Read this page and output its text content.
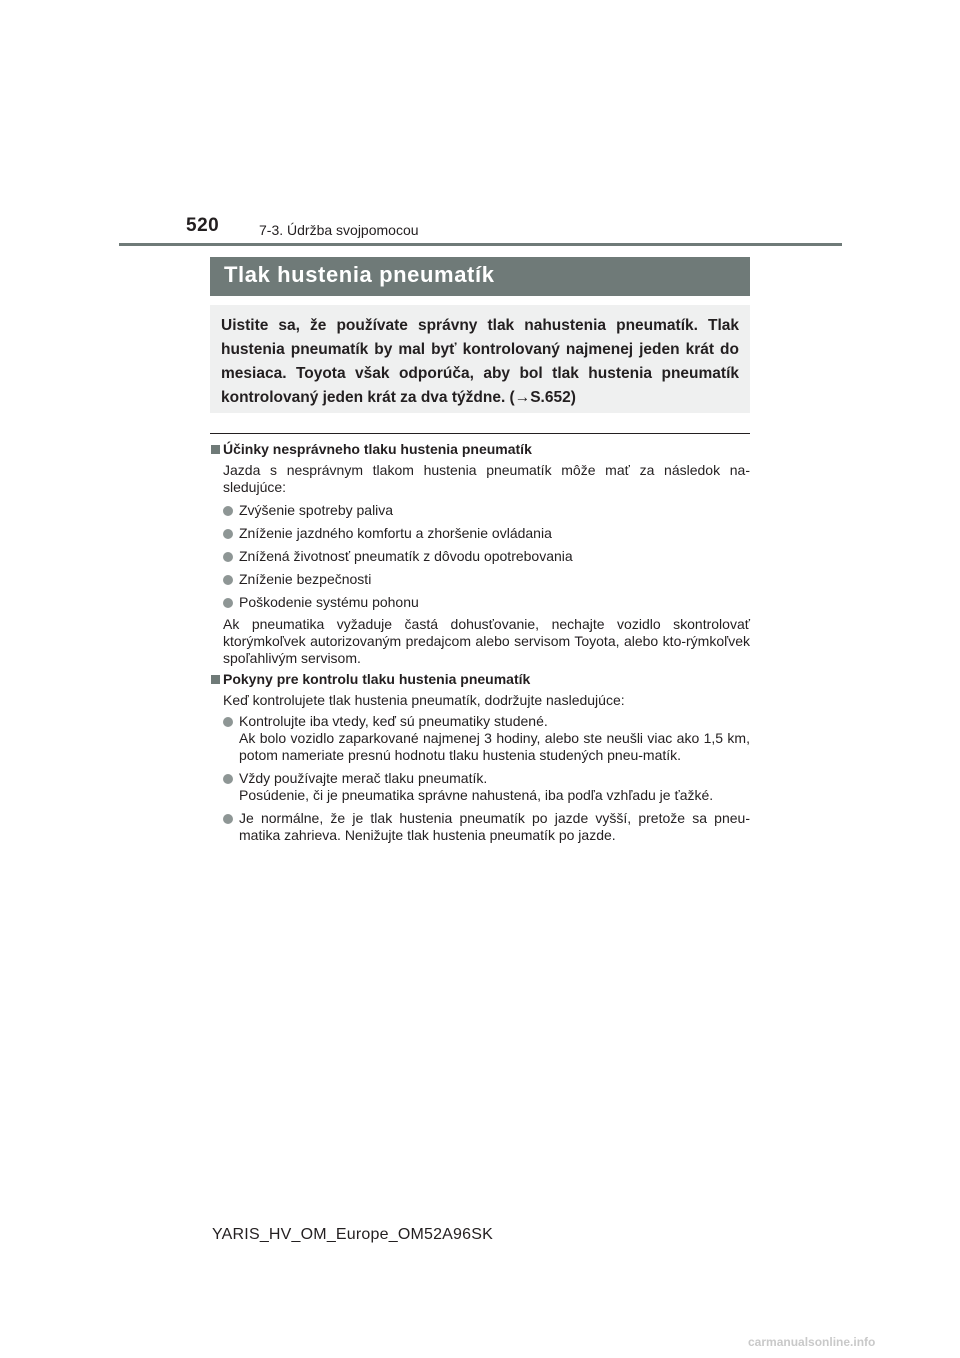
520	7-3. Údržba svojpomocou
Tlak hustenia pneumatík
Uistite sa, že používate správny tlak nahustenia pneumatík. Tlak hustenia pneumatík by mal byť kontrolovaný najmenej jeden krát do mesiaca. Toyota však odporúča, aby bol tlak hustenia pneumatík kontrolovaný jeden krát za dva týždne. (→S.652)
Účinky nesprávneho tlaku hustenia pneumatík
Jazda s nesprávnym tlakom hustenia pneumatík môže mať za následok na-sledujúce:
Zvýšenie spotreby paliva
Zníženie jazdného komfortu a zhoršenie ovládania
Znížená životnosť pneumatík z dôvodu opotrebovania
Zníženie bezpečnosti
Poškodenie systému pohonu
Ak pneumatika vyžaduje častá dohusťovanie, nechajte vozidlo skontrolovať ktorýmkoľvek autorizovaným predajcom alebo servisom Toyota, alebo kto-rýmkoľvek spoľahlivým servisom.
Pokyny pre kontrolu tlaku hustenia pneumatík
Keď kontrolujete tlak hustenia pneumatík, dodržujte nasledujúce:
Kontrolujte iba vtedy, keď sú pneumatiky studené.
Ak bolo vozidlo zaparkované najmenej 3 hodiny, alebo ste neušli viac ako 1,5 km, potom nameriate presnú hodnotu tlaku hustenia studených pneu-matík.
Vždy používajte merač tlaku pneumatík.
Posúdenie, či je pneumatika správne nahustená, iba podľa vzhľadu je ťažké.
Je normálne, že je tlak hustenia pneumatík po jazde vyšší, pretože sa pneu-matika zahrieva. Nenižujte tlak hustenia pneumatík po jazde.
YARIS_HV_OM_Europe_OM52A96SK
carmanualsonline.info
